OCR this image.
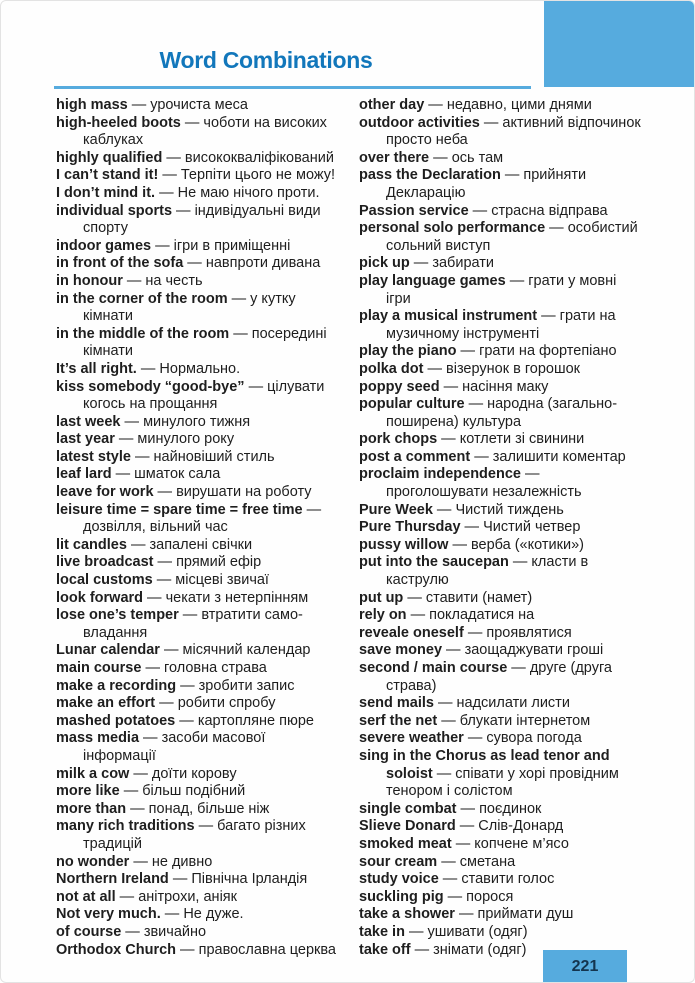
Word Combinations
high mass — урочиста меса
high-heeled boots — чоботи на високих каблуках
highly qualified — висококваліфікований
I can’t stand it! — Терпіти цього не можу!
I don’t mind it. — Не маю нічого проти.
individual sports — індивідуальні види спорту
indoor games — ігри в приміщенні
in front of the sofa — навпроти дивана
in honour — на честь
in the corner of the room — у кутку кімнати
in the middle of the room — посередині кімнати
It’s all right. — Нормально.
kiss somebody “good-bye” — цілувати когось на прощання
last week — минулого тижня
last year — минулого року
latest style — найновіший стиль
leaf lard — шматок сала
leave for work — вирушати на роботу
leisure time = spare time = free time — дозвілля, вільний час
lit candles — запалені свічки
live broadcast — прямий ефір
local customs — місцеві звичаї
look forward — чекати з нетерпінням
lose one’s temper — втратити самовладання
Lunar calendar — місячний календар
main course — головна страва
make a recording — зробити запис
make an effort — робити спробу
mashed potatoes — картопляне пюре
mass media — засоби масової інформації
milk a cow — доїти корову
more like — більш подібний
more than — понад, більше ніж
many rich traditions — багато різних традицій
no wonder — не дивно
Northern Ireland — Північна Ірландія
not at all — анітрохи, аніяк
Not very much. — Не дуже.
of course — звичайно
Orthodox Church — православна церква
other day — недавно, цими днями
outdoor activities — активний відпочинок просто неба
over there — ось там
pass the Declaration — прийняти Декларацію
Passion service — страсна відправа
personal solo performance — особистий сольний виступ
pick up — забирати
play language games — грати у мовні ігри
play a musical instrument — грати на музичному інструменті
play the piano — грати на фортепіано
polka dot — візерунок в горошок
poppy seed — насіння маку
popular culture — народна (загальнопоширена) культура
pork chops — котлети зі свинини
post a comment — залишити коментар
proclaim independence — проголошувати незалежність
Pure Week — Чистий тиждень
Pure Thursday — Чистий четвер
pussy willow — верба («котики»)
put into the saucepan — класти в каструлю
put up — ставити (намет)
rely on — покладатися на
reveale oneself — проявлятися
save money — заощаджувати гроші
second / main course — друге (друга страва)
send mails — надсилати листи
serf the net — блукати інтернетом
severe weather — сувора погода
sing in the Chorus as lead tenor and soloist — співати у хорі провідним тенором і солістом
single combat — поєдинок
Slieve Donard — Слів-Донард
smoked meat — копчене м’ясо
sour cream — сметана
study voice — ставити голос
suckling pig — порося
take a shower — приймати душ
take in — ушивати (одяг)
take off — знімати (одяг)
221
